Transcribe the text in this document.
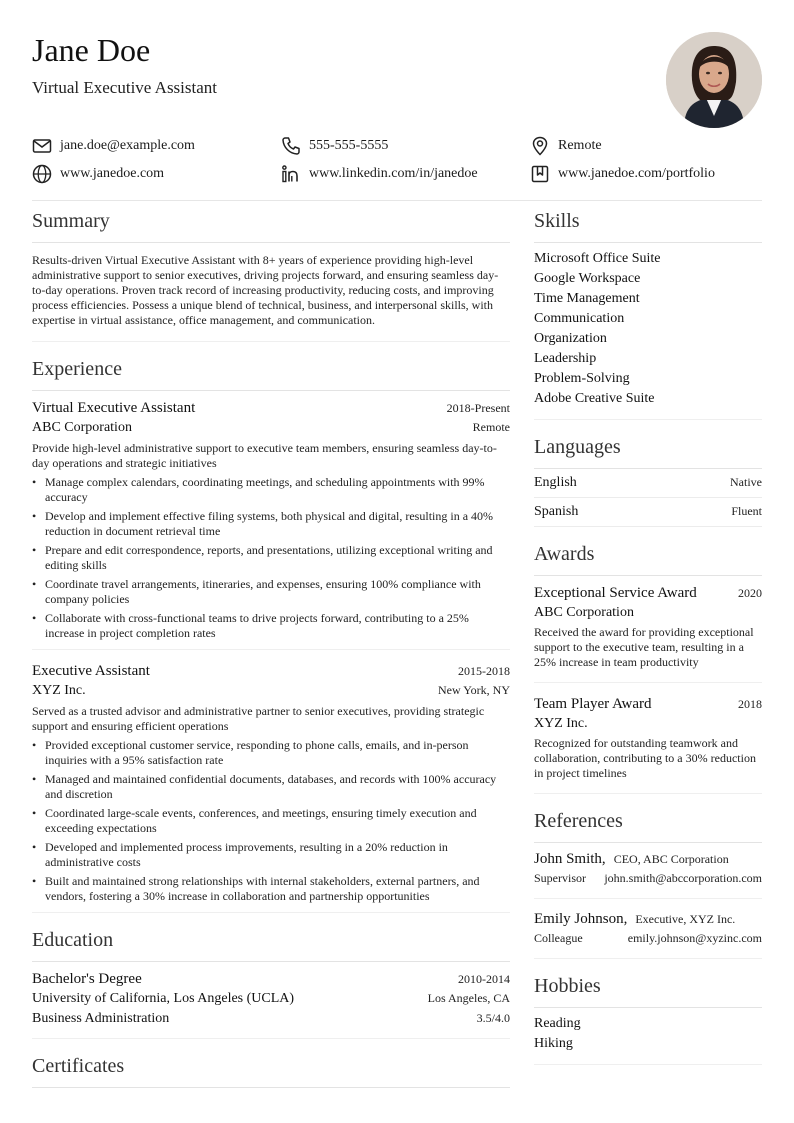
Jane Doe
Virtual Executive Assistant
jane.doe@example.com	555-555-5555	Remote
www.janedoe.com	www.linkedin.com/in/janedoe	www.janedoe.com/portfolio
Summary
Results-driven Virtual Executive Assistant with 8+ years of experience providing high-level administrative support to senior executives, driving projects forward, and ensuring seamless day-to-day operations. Proven track record of increasing productivity, reducing costs, and improving process efficiencies. Possess a unique blend of technical, business, and interpersonal skills, with expertise in virtual assistance, office management, and communication.
Experience
Virtual Executive Assistant	2018-Present
ABC Corporation	Remote
Provide high-level administrative support to executive team members, ensuring seamless day-to-day operations and strategic initiatives
• Manage complex calendars, coordinating meetings, and scheduling appointments with 99% accuracy
• Develop and implement effective filing systems, both physical and digital, resulting in a 40% reduction in document retrieval time
• Prepare and edit correspondence, reports, and presentations, utilizing exceptional writing and editing skills
• Coordinate travel arrangements, itineraries, and expenses, ensuring 100% compliance with company policies
• Collaborate with cross-functional teams to drive projects forward, contributing to a 25% increase in project completion rates
Executive Assistant	2015-2018
XYZ Inc.	New York, NY
Served as a trusted advisor and administrative partner to senior executives, providing strategic support and ensuring efficient operations
• Provided exceptional customer service, responding to phone calls, emails, and in-person inquiries with a 95% satisfaction rate
• Managed and maintained confidential documents, databases, and records with 100% accuracy and discretion
• Coordinated large-scale events, conferences, and meetings, ensuring timely execution and exceeding expectations
• Developed and implemented process improvements, resulting in a 20% reduction in administrative costs
• Built and maintained strong relationships with internal stakeholders, external partners, and vendors, fostering a 30% increase in collaboration and partnership opportunities
Education
Bachelor's Degree	2010-2014
University of California, Los Angeles (UCLA)	Los Angeles, CA
Business Administration	3.5/4.0
Certificates
Skills
Microsoft Office Suite
Google Workspace
Time Management
Communication
Organization
Leadership
Problem-Solving
Adobe Creative Suite
Languages
English	Native
Spanish	Fluent
Awards
Exceptional Service Award	2020
ABC Corporation
Received the award for providing exceptional support to the executive team, resulting in a 25% increase in team productivity
Team Player Award	2018
XYZ Inc.
Recognized for outstanding teamwork and collaboration, contributing to a 30% reduction in project timelines
References
John Smith, CEO, ABC Corporation
Supervisor john.smith@abccorporation.com
Emily Johnson, Executive, XYZ Inc.
Colleague	emily.johnson@xyzinc.com
Hobbies
Reading
Hiking
